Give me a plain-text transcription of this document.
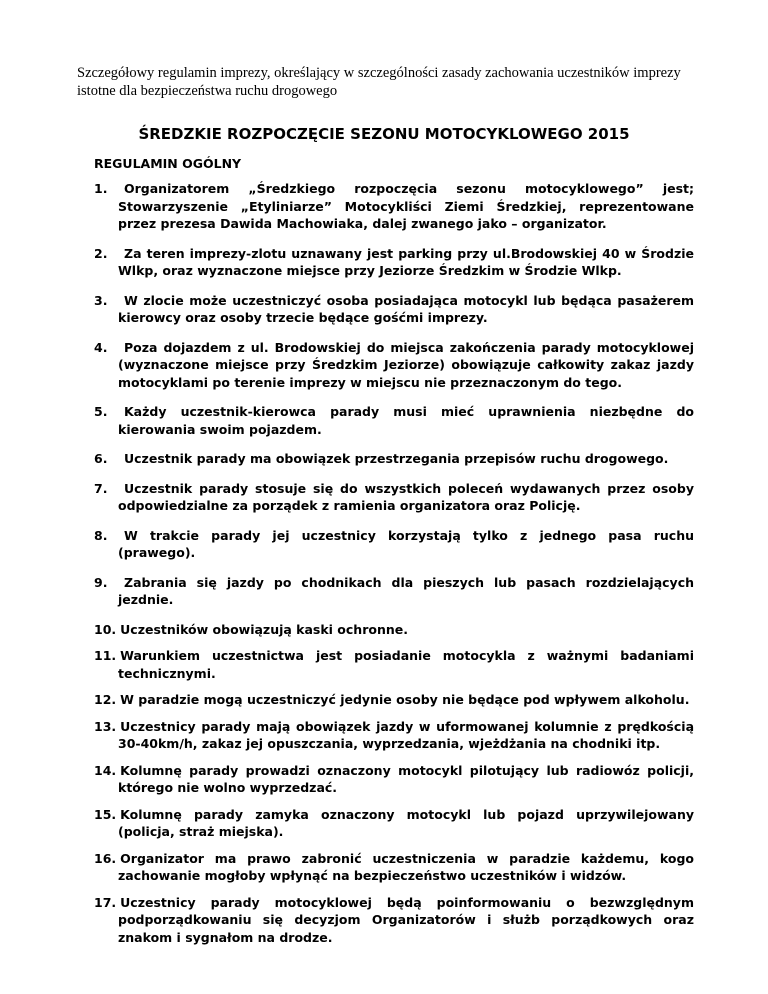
Szczegółowy regulamin imprezy, określający w szczególności zasady zachowania uczestników imprezy istotne dla bezpieczeństwa ruchu drogowego
ŚREDZKIE ROZPOCZĘCIE SEZONU MOTOCYKLOWEGO 2015
REGULAMIN OGÓLNY
1. Organizatorem „Średzkiego rozpoczęcia sezonu motocyklowego” jest; Stowarzyszenie „Etyliniarze” Motocykliści Ziemi Średzkiej, reprezentowane przez prezesa Dawida Machowiaka, dalej zwanego jako – organizator.
2. Za teren imprezy-zlotu uznawany jest parking przy ul.Brodowskiej 40 w Środzie Wlkp, oraz wyznaczone miejsce przy Jeziorze Średzkim w Środzie Wlkp.
3. W zlocie może uczestniczyć osoba posiadająca motocykl lub będąca pasażerem kierowcy oraz osoby trzecie będące gośćmi imprezy.
4. Poza dojazdem z ul. Brodowskiej do miejsca zakończenia parady motocyklowej (wyznaczone miejsce przy Średzkim Jeziorze) obowiązuje całkowity zakaz jazdy motocyklami po terenie imprezy w miejscu nie przeznaczonym do tego.
5. Każdy uczestnik-kierowca parady musi mieć uprawnienia niezbędne do kierowania swoim pojazdem.
6. Uczestnik parady ma obowiązek przestrzegania przepisów ruchu drogowego.
7. Uczestnik parady stosuje się do wszystkich poleceń wydawanych przez osoby odpowiedzialne za porządek z ramienia organizatora oraz Policję.
8. W trakcie parady jej uczestnicy korzystają tylko z jednego pasa ruchu (prawego).
9. Zabrania się jazdy po chodnikach dla pieszych lub pasach rozdzielających jezdnie.
10. Uczestników obowiązują kaski ochronne.
11. Warunkiem uczestnictwa jest posiadanie motocykla z ważnymi badaniami technicznymi.
12. W paradzie mogą uczestniczyć jedynie osoby nie będące pod wpływem alkoholu.
13. Uczestnicy parady mają obowiązek jazdy w uformowanej kolumnie z prędkością 30-40km/h, zakaz jej opuszczania, wyprzedzania, wjeżdżania na chodniki itp.
14. Kolumnę parady prowadzi oznaczony motocykl pilotujący lub radiowóz policji, którego nie wolno wyprzedzać.
15. Kolumnę parady zamyka oznaczony motocykl lub pojazd uprzywilejowany (policja, straż miejska).
16. Organizator ma prawo zabronić uczestniczenia w paradzie każdemu, kogo zachowanie mogłoby wpłynąć na bezpieczeństwo uczestników i widzów.
17. Uczestnicy parady motocyklowej będą poinformowaniu o bezwzględnym podporządkowaniu się decyzjom Organizatorów i służb porządkowych oraz znakom i sygnałom na drodze.
